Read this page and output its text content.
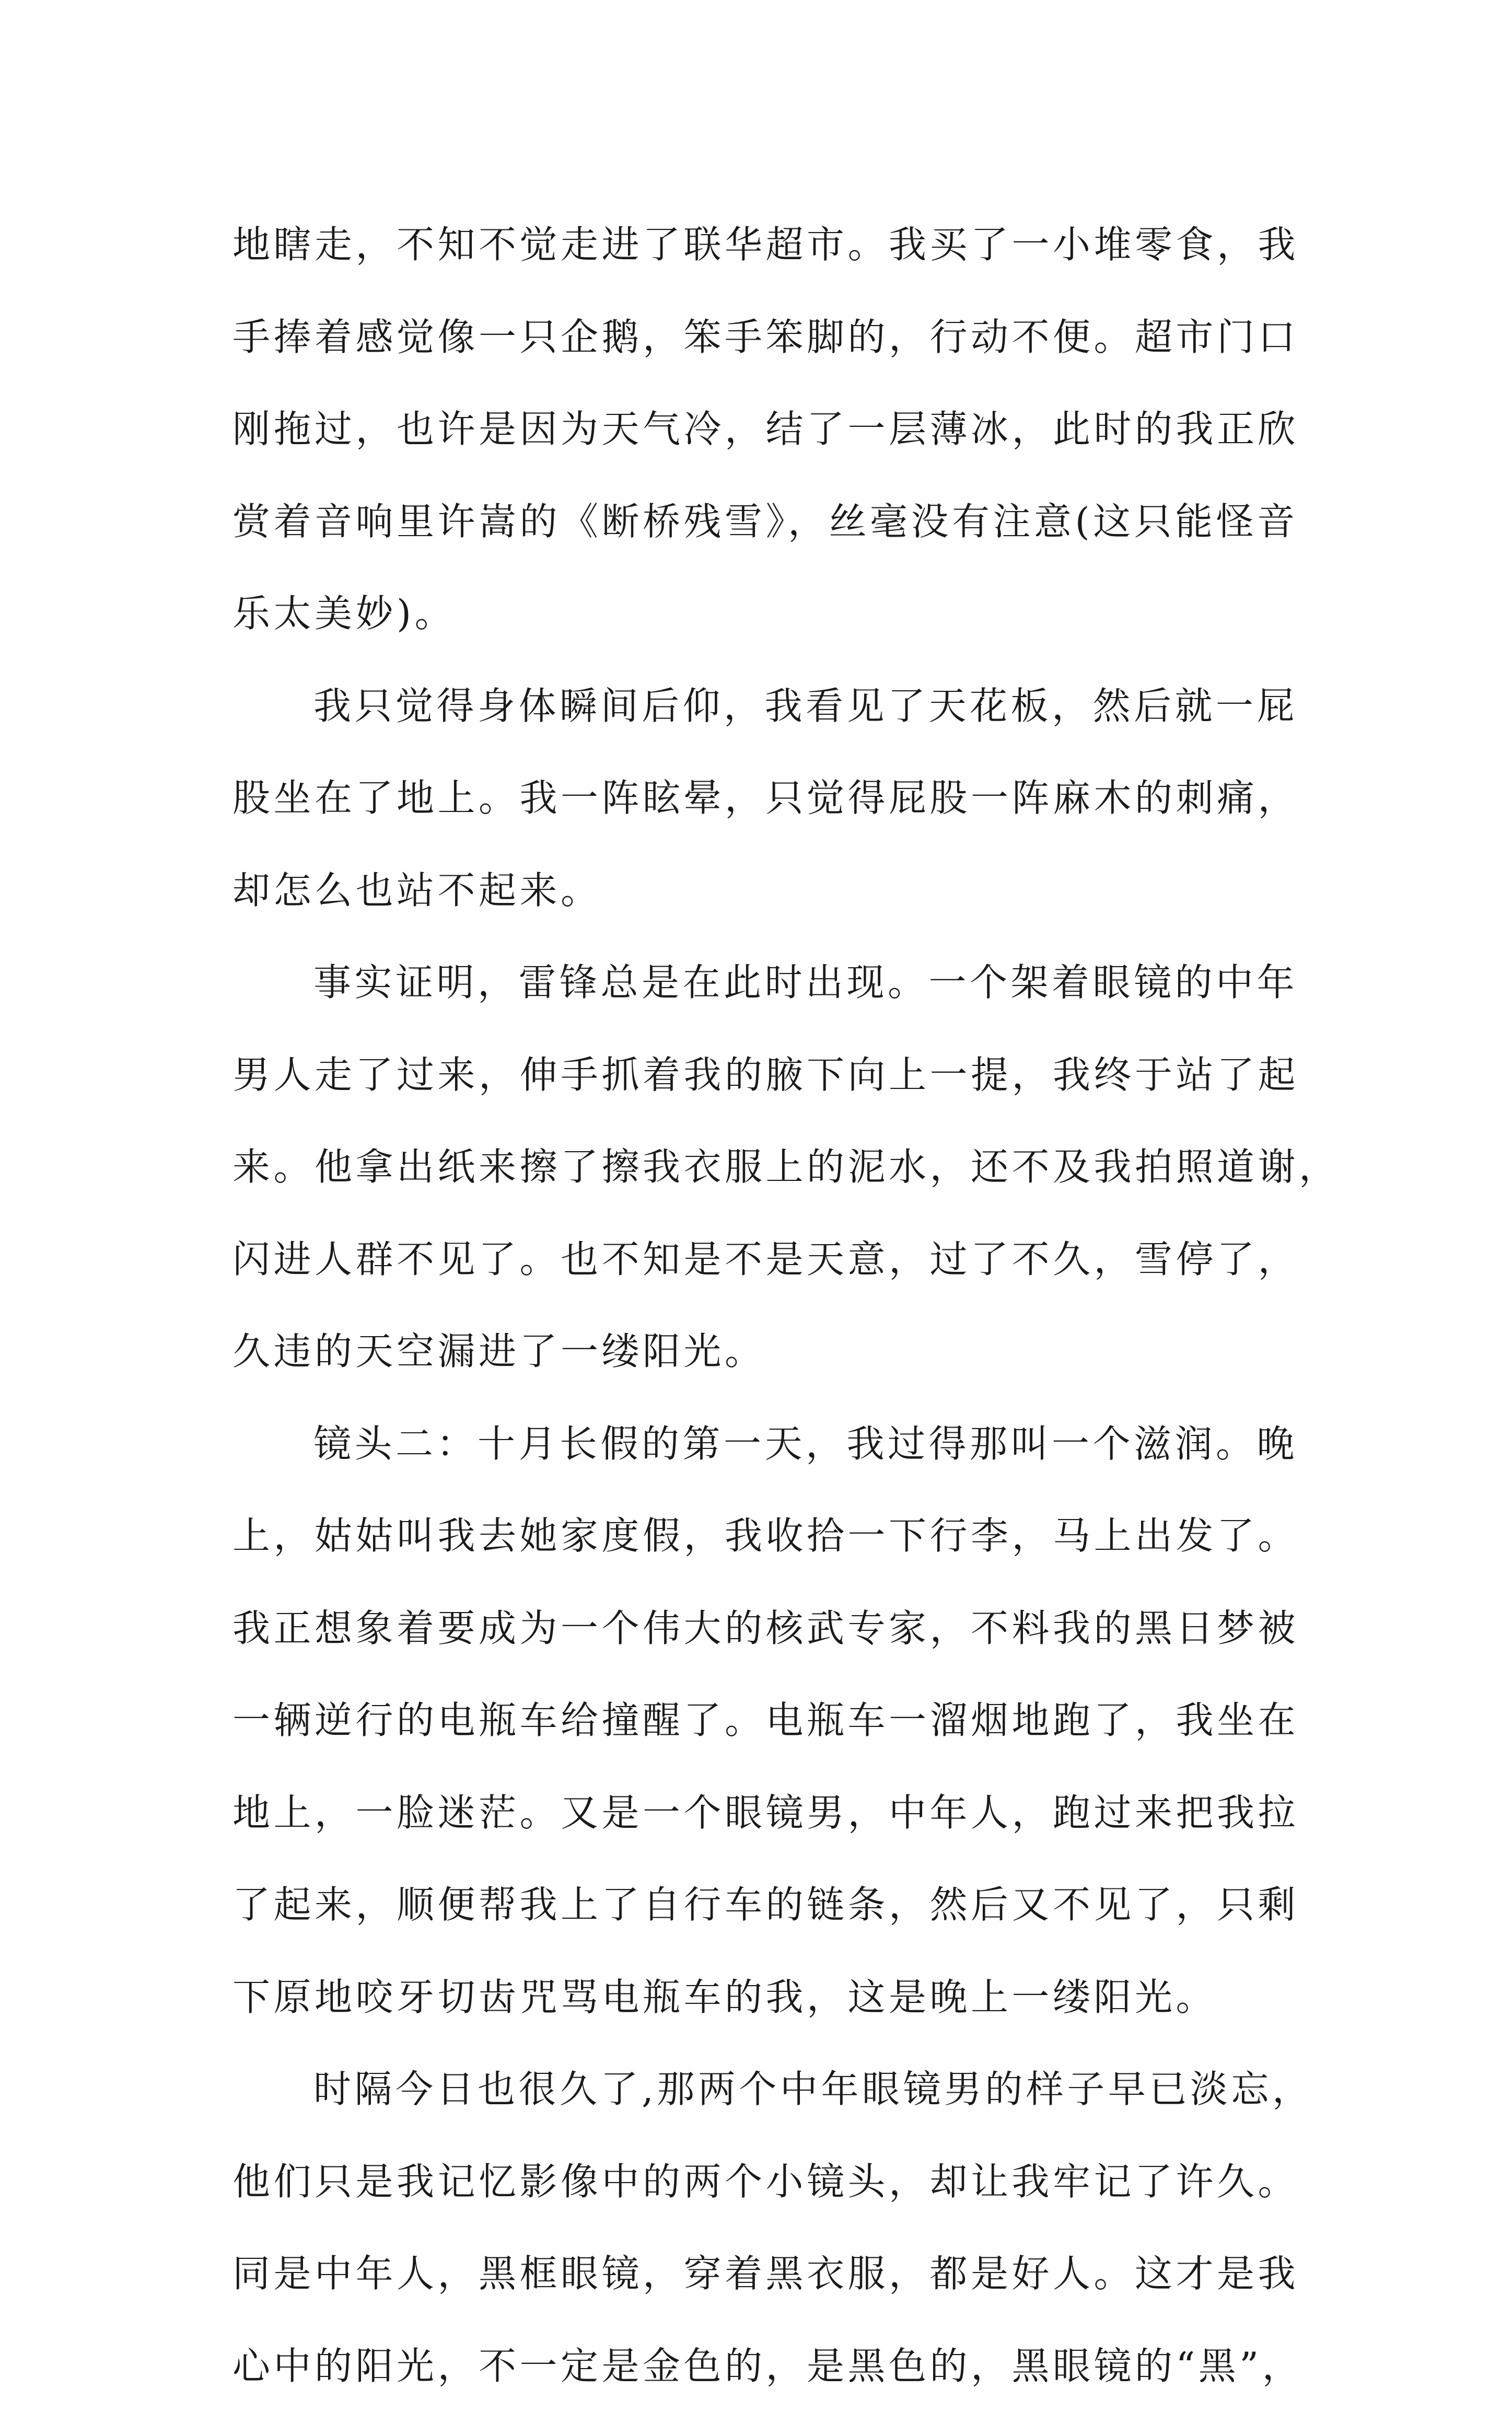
地瞎走，不知不觉走进了联华超市。我买了一小堆零食，我
手捧着感觉像一只企鹅，笨手笨脚的，行动不便。超市门口
刚拖过，也许是因为天气冷，结了一层薄冰，此时的我正欣
赏着音响里许嵩的《断桥残雪》，丝毫没有注意(这只能怪音
乐太美妙)。
我只觉得身体瞬间后仰，我看见了天花板，然后就一屁
股坐在了地上。我一阵眩晕，只觉得屁股一阵麻木的刺痛，
却怎么也站不起来。
事实证明，雷锋总是在此时出现。一个架着眼镜的中年
男人走了过来，伸手抓着我的腋下向上一提，我终于站了起
来。他拿出纸来擦了擦我衣服上的泥水，还不及我拍照道谢，
闪进人群不见了。也不知是不是天意，过了不久，雪停了，
久违的天空漏进了一缕阳光。
镜头二：十月长假的第一天，我过得那叫一个滋润。晚
上，姑姑叫我去她家度假，我收拾一下行李，马上出发了。
我正想象着要成为一个伟大的核武专家，不料我的黑日梦被
一辆逆行的电瓶车给撞醒了。电瓶车一溜烟地跑了，我坐在
地上，一脸迷茫。又是一个眼镜男，中年人，跑过来把我拉
了起来，顺便帮我上了自行车的链条，然后又不见了，只剩
下原地咬牙切齿咒骂电瓶车的我，这是晚上一缕阳光。
时隔今日也很久了,那两个中年眼镜男的样子早已淡忘，
他们只是我记忆影像中的两个小镜头，却让我牢记了许久。
同是中年人，黑框眼镜，穿着黑衣服，都是好人。这才是我
心中的阳光，不一定是金色的，是黑色的，黑眼镜的“黑”，
